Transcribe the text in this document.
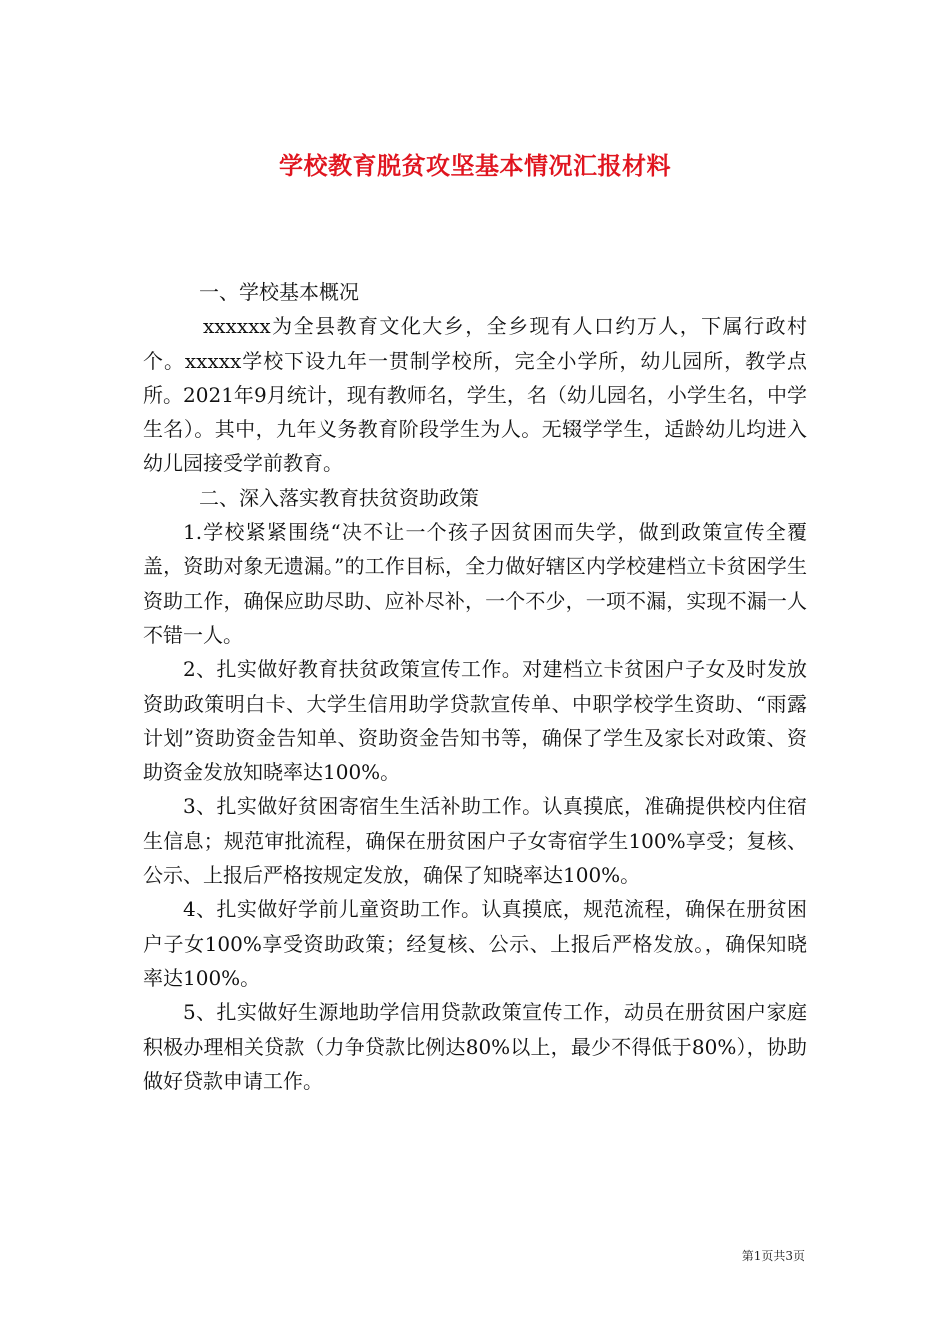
学校教育脱贫攻坚基本情况汇报材料

一、学校基本概况

xxxxxx为全县教育文化大乡，全乡现有人口约万人，下属行政村个。xxxxx学校下设九年一贯制学校所，完全小学所，幼儿园所，教学点所。2021年9月统计，现有教师名，学生，名（幼儿园名，小学生名，中学生名）。其中，九年义务教育阶段学生为人。无辍学学生，适龄幼儿均进入幼儿园接受学前教育。

二、深入落实教育扶贫资助政策

1.学校紧紧围绕“决不让一个孩子因贫困而失学，做到政策宣传全覆盖，资助对象无遗漏。”的工作目标，全力做好辖区内学校建档立卡贫困学生资助工作，确保应助尽助、应补尽补，一个不少，一项不漏，实现不漏一人不错一人。

2、扎实做好教育扶贫政策宣传工作。对建档立卡贫困户子女及时发放资助政策明白卡、大学生信用助学贷款宣传单、中职学校学生资助、“雨露计划”资助资金告知单、资助资金告知书等，确保了学生及家长对政策、资助资金发放知晓率达100%。

3、扎实做好贫困寄宿生生活补助工作。认真摸底，准确提供校内住宿生信息；规范审批流程，确保在册贫困户子女寄宿学生100%享受；复核、公示、上报后严格按规定发放，确保了知晓率达100%。

4、扎实做好学前儿童资助工作。认真摸底，规范流程，确保在册贫困户子女100%享受资助政策；经复核、公示、上报后严格发放。，确保知晓率达100%。

5、扎实做好生源地助学信用贷款政策宣传工作，动员在册贫困户家庭积极办理相关贷款（力争贷款比例达80%以上，最少不得低于80%），协助做好贷款申请工作。

第1页共3页
